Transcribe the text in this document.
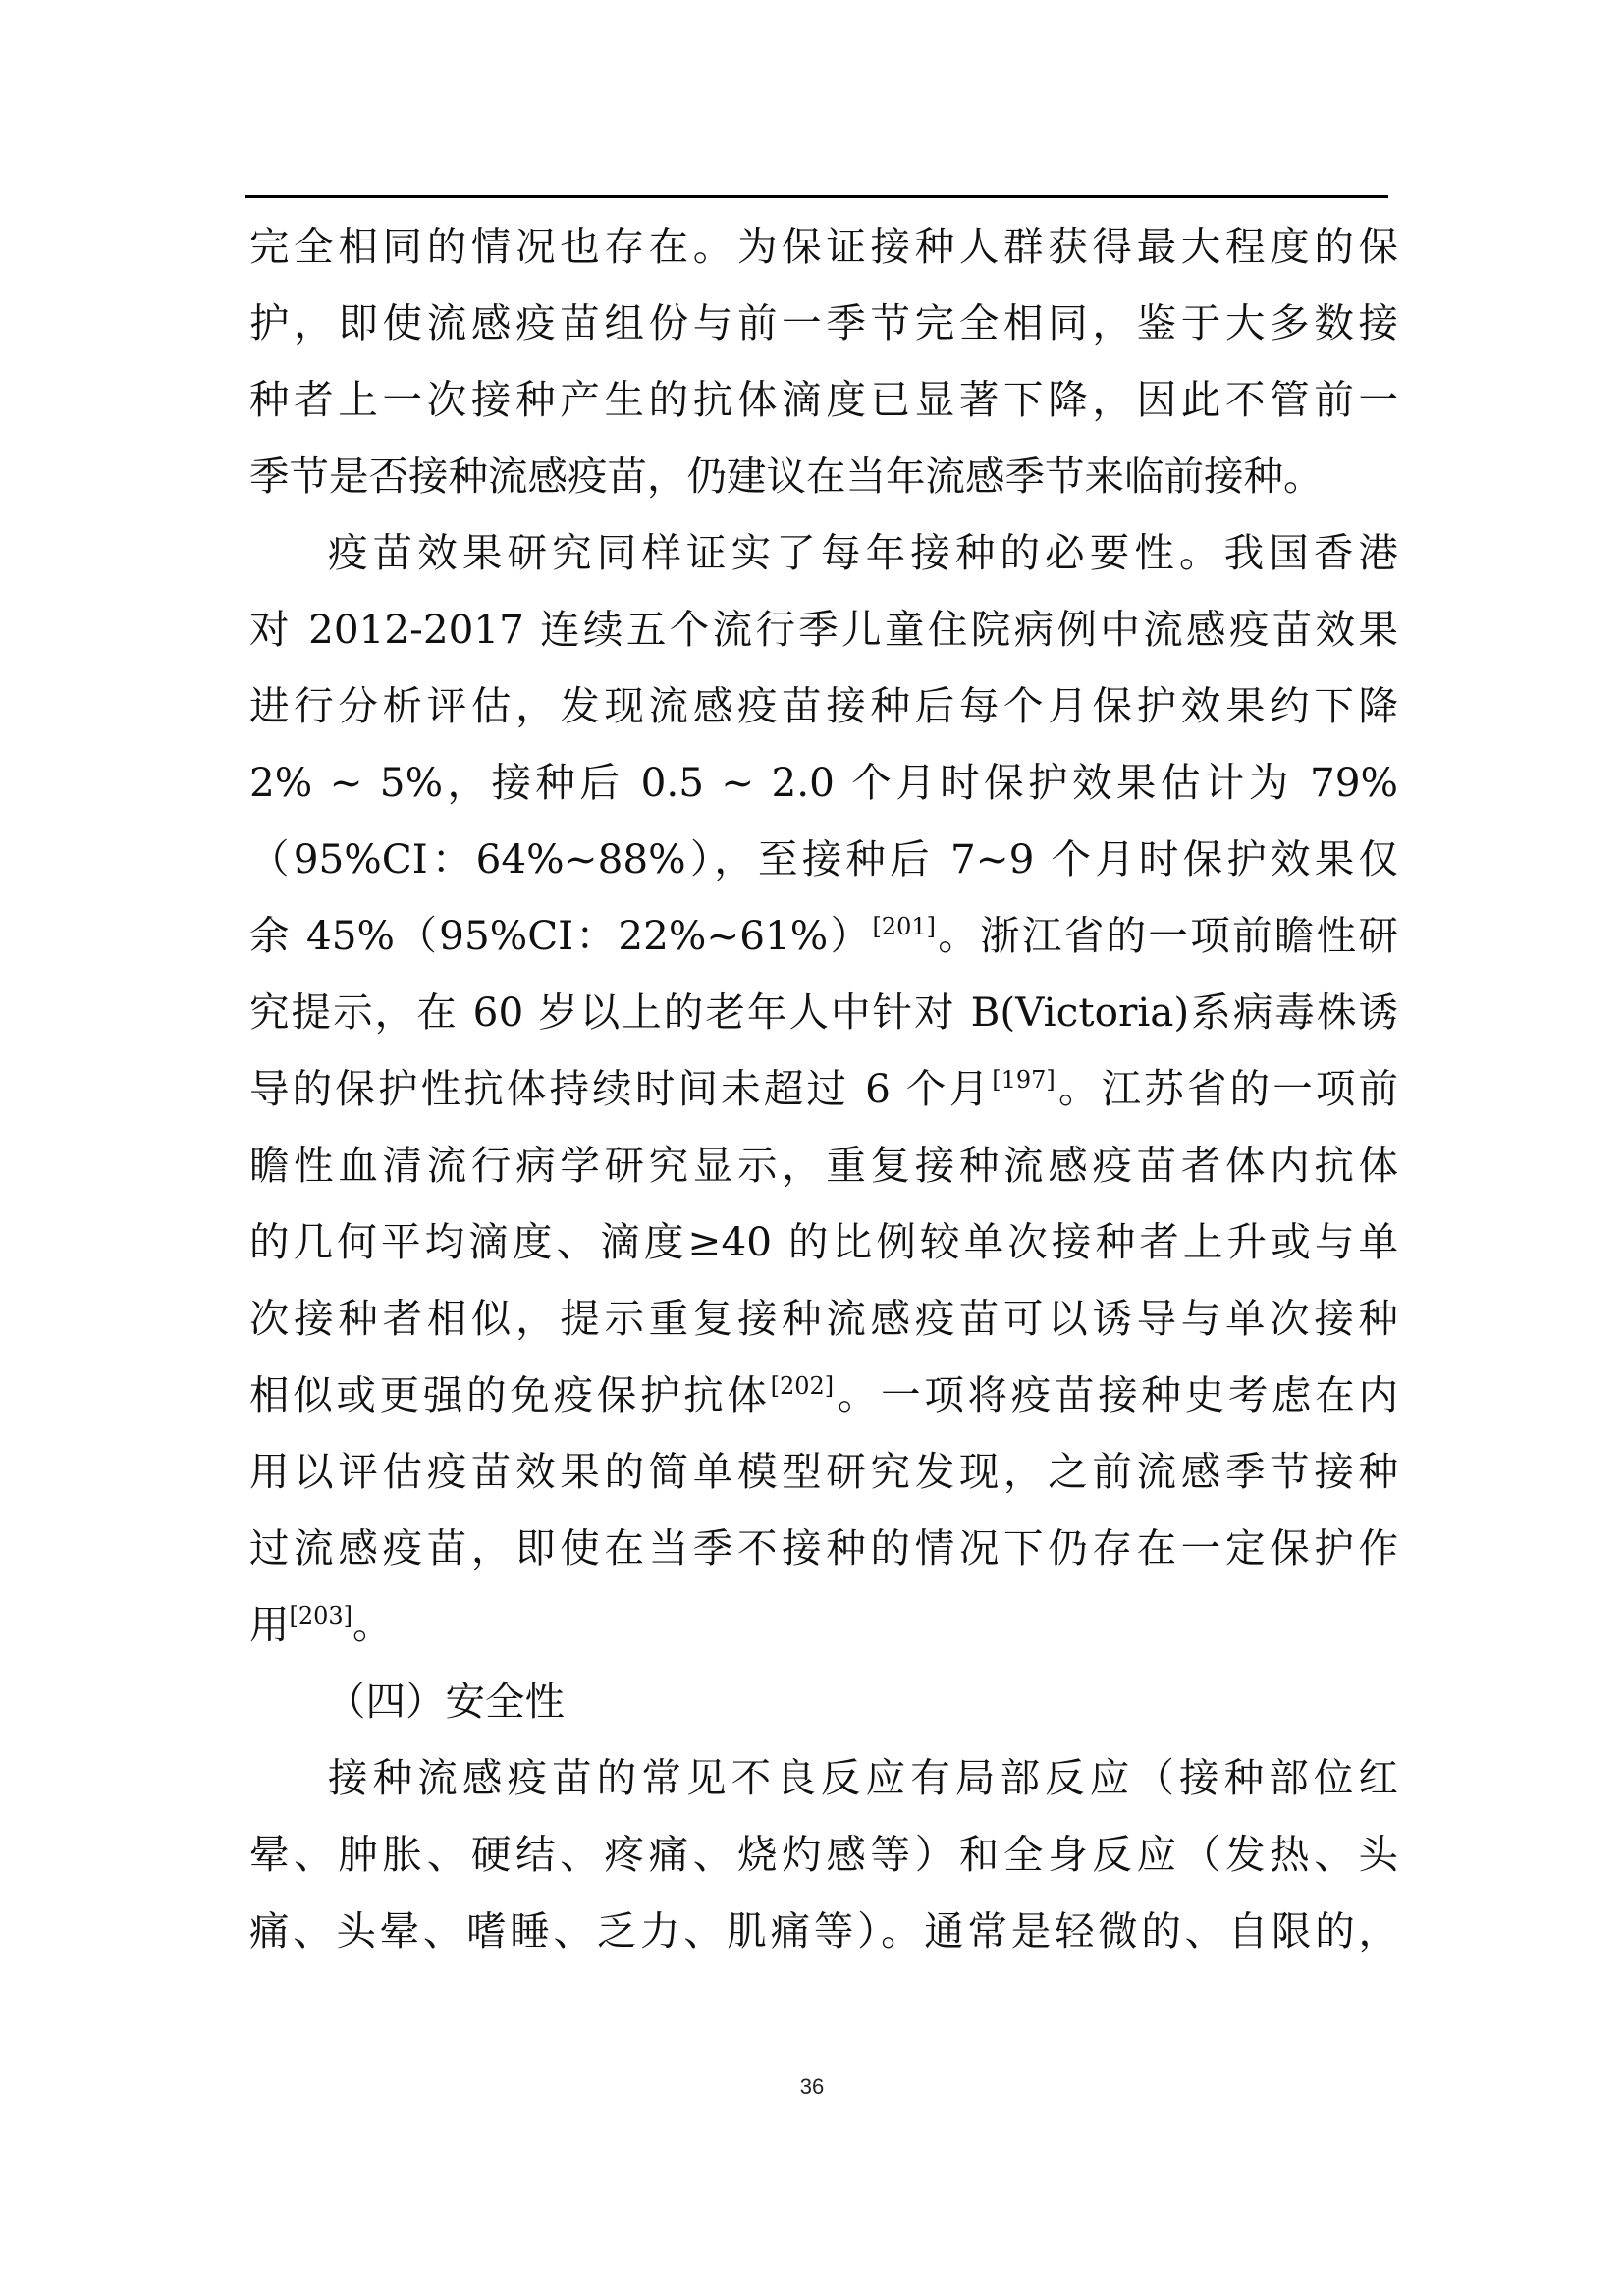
完全相同的情况也存在。为保证接种人群获得最大程度的保
护，即使流感疫苗组份与前一季节完全相同，鉴于大多数接
种者上一次接种产生的抗体滴度已显著下降，因此不管前一
季节是否接种流感疫苗，仍建议在当年流感季节来临前接种。
疫苗效果研究同样证实了每年接种的必要性。我国香港
对 2012-2017 连续五个流行季儿童住院病例中流感疫苗效果
进行分析评估，发现流感疫苗接种后每个月保护效果约下降
2% ~ 5%，接种后 0.5 ~ 2.0 个月时保护效果估计为 79%
（95%CI：64%~88%），至接种后 7~9 个月时保护效果仅
余 45%（95%CI：22%~61%）[201]。浙江省的一项前瞻性研
究提示，在 60 岁以上的老年人中针对 B(Victoria)系病毒株诱
导的保护性抗体持续时间未超过 6 个月[197]。江苏省的一项前
瞻性血清流行病学研究显示，重复接种流感疫苗者体内抗体
的几何平均滴度、滴度≥40 的比例较单次接种者上升或与单
次接种者相似，提示重复接种流感疫苗可以诱导与单次接种
相似或更强的免疫保护抗体[202]。一项将疫苗接种史考虑在内
用以评估疫苗效果的简单模型研究发现，之前流感季节接种
过流感疫苗，即使在当季不接种的情况下仍存在一定保护作
用[203]。
（四）安全性
接种流感疫苗的常见不良反应有局部反应（接种部位红
晕、肿胀、硬结、疼痛、烧灼感等）和全身反应（发热、头
痛、头晕、嗜睡、乏力、肌痛等）。通常是轻微的、自限的，
36
